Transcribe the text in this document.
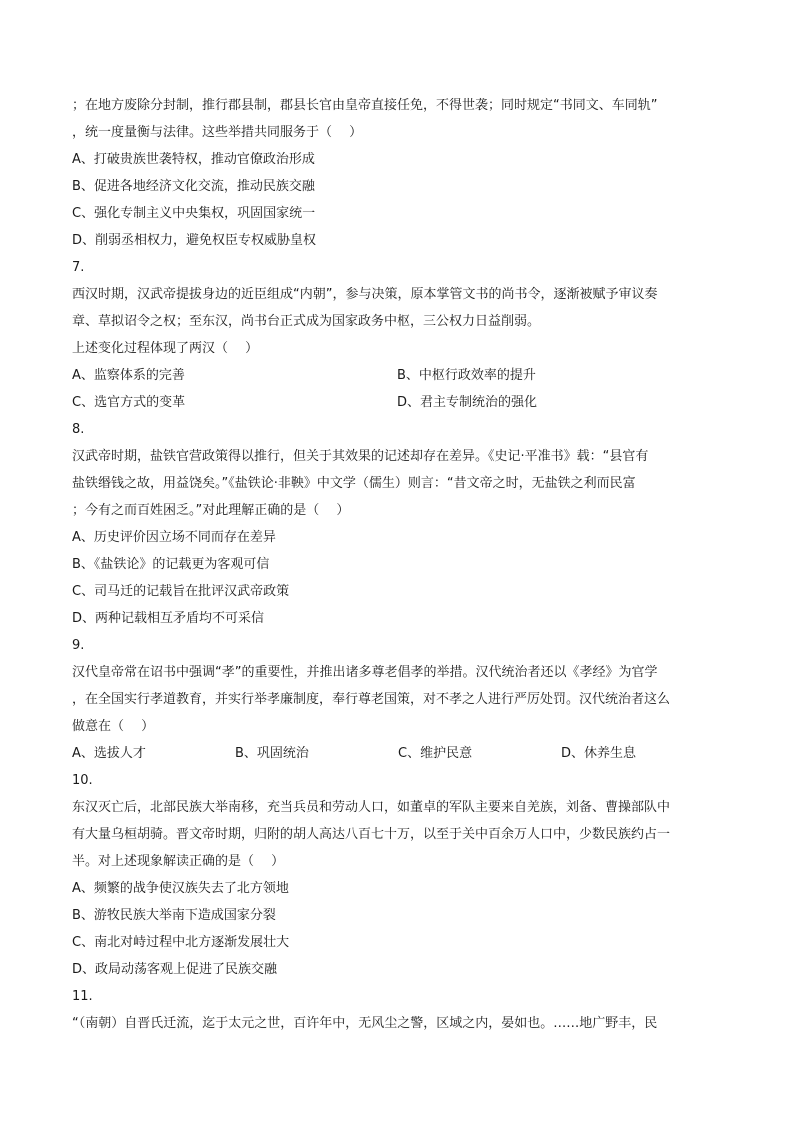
；在地方废除分封制，推行郡县制，郡县长官由皇帝直接任免，不得世袭；同时规定“书同文、车同轨”
，统一度量衡与法律。这些举措共同服务于（　 ）
A、打破贵族世袭特权，推动官僚政治形成
B、促进各地经济文化交流，推动民族交融
C、强化专制主义中央集权，巩固国家统一
D、削弱丞相权力，避免权臣专权威胁皇权
7.
西汉时期，汉武帝提拔身边的近臣组成“内朝”，参与决策，原本掌管文书的尚书令，逐渐被赋予审议奏
章、草拟诏令之权；至东汉，尚书台正式成为国家政务中枢，三公权力日益削弱。
上述变化过程体现了两汉（　 ）
A、监察体系的完善	B、中枢行政效率的提升
C、选官方式的变革	D、君主专制统治的强化
8.
汉武帝时期，盐铁官营政策得以推行，但关于其效果的记述却存在差异。《史记·平准书》载：“县官有
盐铁缗钱之故，用益饶矣。”《盐铁论·非鞅》中文学（儒生）则言：“昔文帝之时，无盐铁之利而民富
；今有之而百姓困乏。”对此理解正确的是（　 ）
A、历史评价因立场不同而存在差异
B、《盐铁论》的记载更为客观可信
C、司马迁的记载旨在批评汉武帝政策
D、两种记载相互矛盾均不可采信
9.
汉代皇帝常在诏书中强调“孝”的重要性，并推出诸多尊老倡孝的举措。汉代统治者还以《孝经》为官学
，在全国实行孝道教育，并实行举孝廉制度，奉行尊老国策，对不孝之人进行严厉处罚。汉代统治者这么
做意在（　 ）
A、选拔人才	B、巩固统治	C、维护民意	D、休养生息
10.
东汉灭亡后，北部民族大举南移，充当兵员和劳动人口，如董卓的军队主要来自羌族，刘备、曹操部队中
有大量乌桓胡骑。晋文帝时期，归附的胡人高达八百七十万，以至于关中百余万人口中，少数民族约占一
半。对上述现象解读正确的是（　 ）
A、频繁的战争使汉族失去了北方领地
B、游牧民族大举南下造成国家分裂
C、南北对峙过程中北方逐渐发展壮大
D、政局动荡客观上促进了民族交融
11.
“（南朝）自晋氏迁流，迄于太元之世，百许年中，无风尘之警，区域之内，晏如也。……地广野丰，民
